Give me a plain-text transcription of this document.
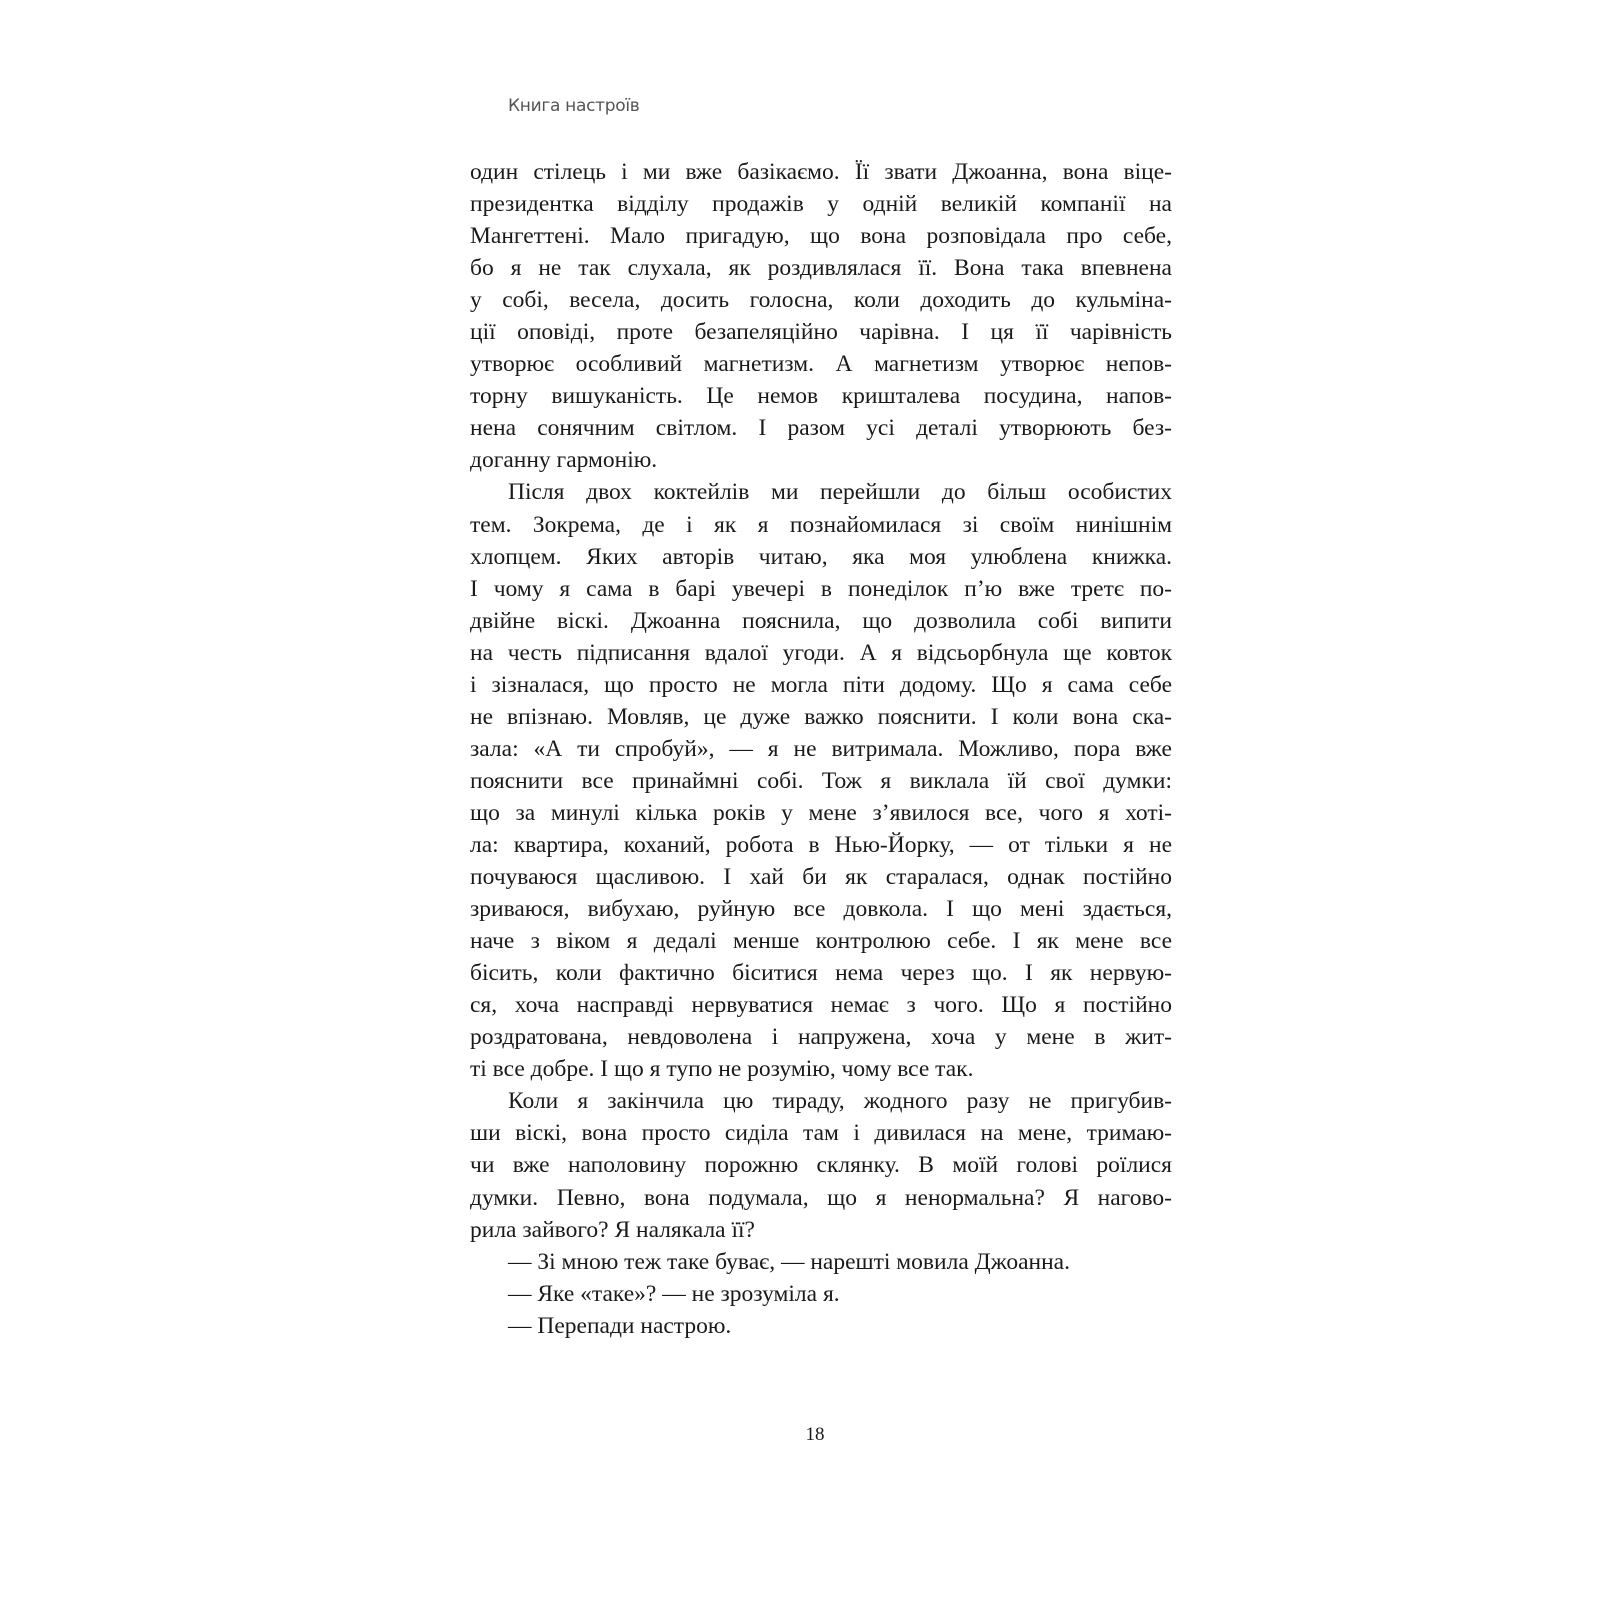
Книга настроїв
один стілець і ми вже базікаємо. Її звати Джоанна, вона віце-
президентка відділу продажів у одній великій компанії на
Мангеттені. Мало пригадую, що вона розповідала про себе,
бо я не так слухала, як роздивлялася її. Вона така впевнена
у собі, весела, досить голосна, коли доходить до кульміна-
ції оповіді, проте безапеляційно чарівна. І ця її чарівність
утворює особливий магнетизм. А магнетизм утворює непов-
торну вишуканість. Це немов кришталева посудина, напов-
нена сонячним світлом. І разом усі деталі утворюють без-
доганну гармонію.
Після двох коктейлів ми перейшли до більш особистих
тем. Зокрема, де і як я познайомилася зі своїм нинішнім
хлопцем. Яких авторів читаю, яка моя улюблена книжка.
І чому я сама в барі увечері в понеділок п’ю вже третє по-
двійне віскі. Джоанна пояснила, що дозволила собі випити
на честь підписання вдалої угоди. А я відсьорбнула ще ковток
і зізналася, що просто не могла піти додому. Що я сама себе
не впізнаю. Мовляв, це дуже важко пояснити. І коли вона ска-
зала: «А ти спробуй», — я не витримала. Можливо, пора вже
пояснити все принаймні собі. Тож я виклала їй свої думки:
що за минулі кілька років у мене з’явилося все, чого я хоті-
ла: квартира, коханий, робота в Нью-Йорку, — от тільки я не
почуваюся щасливою. І хай би як старалася, однак постійно
зриваюся, вибухаю, руйную все довкола. І що мені здається,
наче з віком я дедалі менше контролюю себе. І як мене все
бісить, коли фактично біситися нема через що. І як нервую-
ся, хоча насправді нервуватися немає з чого. Що я постійно
роздратована, невдоволена і напружена, хоча у мене в жит-
ті все добре. І що я тупо не розумію, чому все так.
Коли я закінчила цю тираду, жодного разу не пригубив-
ши віскі, вона просто сиділа там і дивилася на мене, тримаю-
чи вже наполовину порожню склянку. В моїй голові роїлися
думки. Певно, вона подумала, що я ненормальна? Я нагово-
рила зайвого? Я налякала її?
— Зі мною теж таке буває, — нарешті мовила Джоанна.
— Яке «таке»? — не зрозуміла я.
— Перепади настрою.
18
